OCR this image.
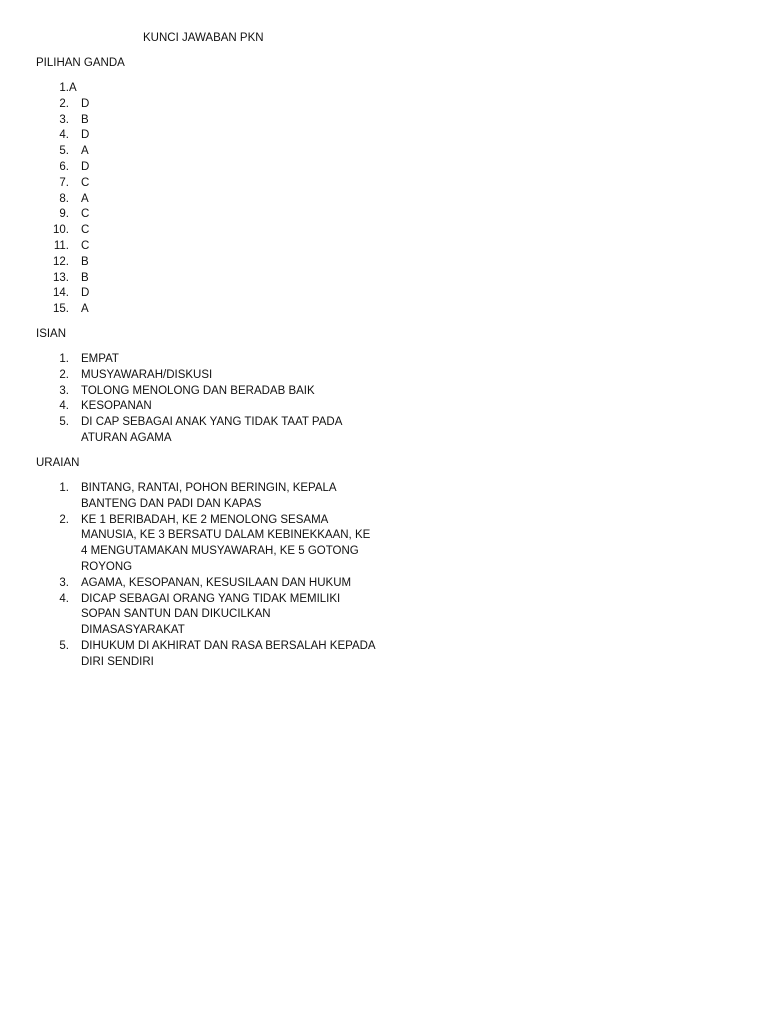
KUNCI JAWABAN PKN
PILIHAN GANDA
1. A
2.	D
3.	B
4.	D
5.	A
6.	D
7.	C
8.	A
9.	C
10.	C
11.	C
12.	B
13.	B
14.	D
15.	A
ISIAN
1.	EMPAT
2.	MUSYAWARAH/DISKUSI
3.	TOLONG MENOLONG DAN BERADAB BAIK
4.	KESOPANAN
5.	DI CAP SEBAGAI ANAK YANG TIDAK TAAT PADA ATURAN AGAMA
URAIAN
1.	BINTANG, RANTAI, POHON BERINGIN, KEPALA BANTENG DAN PADI DAN KAPAS
2.	KE 1 BERIBADAH, KE 2 MENOLONG SESAMA MANUSIA, KE 3 BERSATU DALAM KEBINEKKAAN, KE 4 MENGUTAMAKAN MUSYAWARAH, KE 5 GOTONG ROYONG
3.	AGAMA, KESOPANAN, KESUSILAAN DAN HUKUM
4.	DICAP SEBAGAI ORANG YANG TIDAK MEMILIKI SOPAN SANTUN DAN DIKUCILKAN DIMASASYARAKAT
5.	DIHUKUM DI AKHIRAT DAN RASA BERSALAH KEPADA DIRI SENDIRI
